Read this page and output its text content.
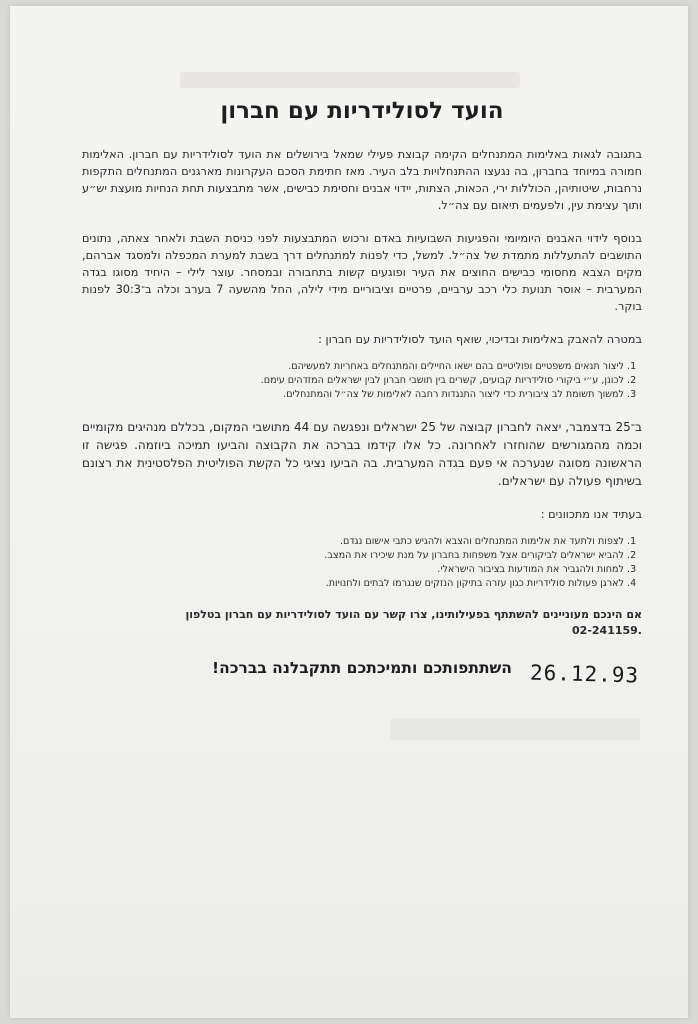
הועד לסולידריות עם חברון

בתגובה לגאות באלימות המתנחלים הקימה קבוצת פעילי שמאל בירושלים את הועד לסולידריות עם חברון. האלימות חמורה במיוחד בחברון, בה נגעצו ההתנחלויות בלב העיר. מאז חתימת הסכם העקרונות מארגנים המתנחלים התקפות נרחבות, שיטותיהן, הכוללות ירי, הכאות, הצתות, יידוי אבנים וחסימת כבישים, אשר מתבצעות תחת הנחיות מועצת יש״ע ותוך עצימת עין, ולפעמים תיאום עם צה״ל.

בנוסף לידוי האבנים היומיומי והפגיעות השבועיות באדם ורכוש המתבצעות לפני כניסת השבת ולאחר צאתה, נתונים התושבים להתעללות מתמדת של צה״ל. למשל, כדי לפנות למתנחלים דרך בשבת למערת המכפלה ולמסגד אברהם, מקים הצבא מחסומי כבישים החוצים את העיר ופוגעים קשות בתחבורה ובמסחר. עוצר לילי – היחיד מסוגו בגדה המערבית – אוסר תנועת כלי רכב ערביים, פרטיים וציבוריים מידי לילה, החל מהשעה 7 בערב וכלה ב־30:3 לפנות בוקר.

במטרה להאבק באלימות ובדיכוי, שואף הועד לסולידריות עם חברון :

1. ליצור תנאים משפטיים ופוליטיים בהם ישאו החיילים והמתנחלים באחריות למעשיהם.
2. לכונן, ע״י ביקורי סולידריות קבועים, קשרים בין תושבי חברון לבין ישראלים המזדהים עימם.
3. למשוך תשומת לב ציבורית כדי ליצור התנגדות רחבה לאלימות של צה״ל והמתנחלים.

ב־25 בדצמבר, יצאה לחברון קבוצה של 25 ישראלים ונפגשה עם 44 מתושבי המקום, בכללם מנהיגים מקומיים וכמה מהמגורשים שהוחזרו לאחרונה. כל אלו קידמו בברכה את הקבוצה והביעו תמיכה ביוזמה. פגישה זו הראשונה מסוגה שנערכה אי פעם בגדה המערבית. בה הביעו נציגי כל הקשת הפוליטית הפלסטינית את רצונם בשיתוף פעולה עם ישראלים.

בעתיד אנו מתכוונים :

1. לצפות ולתעד את אלימות המתנחלים והצבא ולהגיש כתבי אישום נגדם.
2. להביא ישראלים לביקורים אצל משפחות בחברון על מנת שיכירו את המצב.
3. למחות ולהגביר את המודעות בציבור הישראלי.
4. לארגן פעולות סולידריות כגון עזרה בתיקון הנזקים שנגרמו לבתים ולחנויות.

אם הינכם מעוניינים להשתתף בפעילותינו, צרו קשר עם הועד לסולידריות עם חברון בטלפון
02-241159.

השתתפותכם ותמיכתכם תתקבלנה בברכה! 26.12.93
